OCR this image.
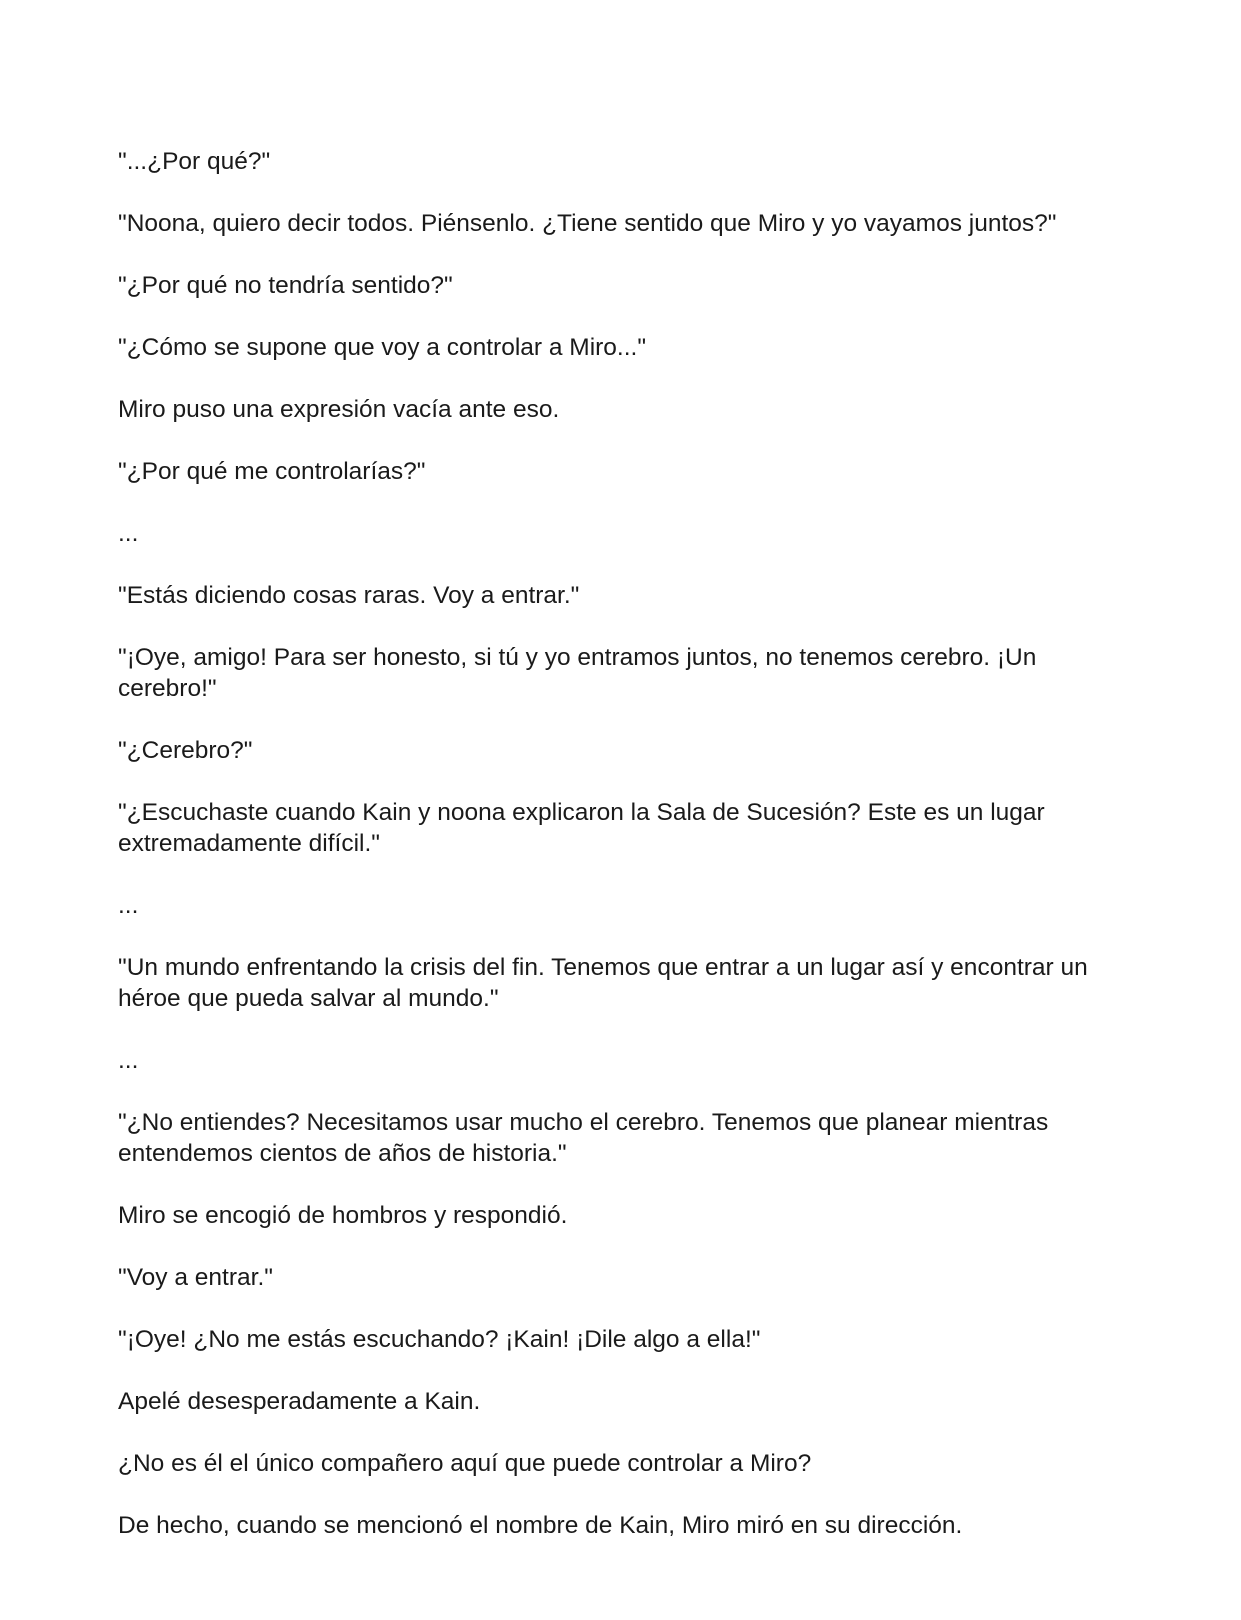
"...¿Por qué?"

"Noona, quiero decir todos. Piénsenlo. ¿Tiene sentido que Miro y yo vayamos juntos?"

"¿Por qué no tendría sentido?"

"¿Cómo se supone que voy a controlar a Miro..."

Miro puso una expresión vacía ante eso.

"¿Por qué me controlarías?"

...

"Estás diciendo cosas raras. Voy a entrar."

"¡Oye, amigo! Para ser honesto, si tú y yo entramos juntos, no tenemos cerebro. ¡Un cerebro!"

"¿Cerebro?"

"¿Escuchaste cuando Kain y noona explicaron la Sala de Sucesión? Este es un lugar extremadamente difícil."

...

"Un mundo enfrentando la crisis del fin. Tenemos que entrar a un lugar así y encontrar un héroe que pueda salvar al mundo."

...

"¿No entiendes? Necesitamos usar mucho el cerebro. Tenemos que planear mientras entendemos cientos de años de historia."

Miro se encogió de hombros y respondió.

"Voy a entrar."

"¡Oye! ¿No me estás escuchando? ¡Kain! ¡Dile algo a ella!"

Apelé desesperadamente a Kain.

¿No es él el único compañero aquí que puede controlar a Miro?

De hecho, cuando se mencionó el nombre de Kain, Miro miró en su dirección.
